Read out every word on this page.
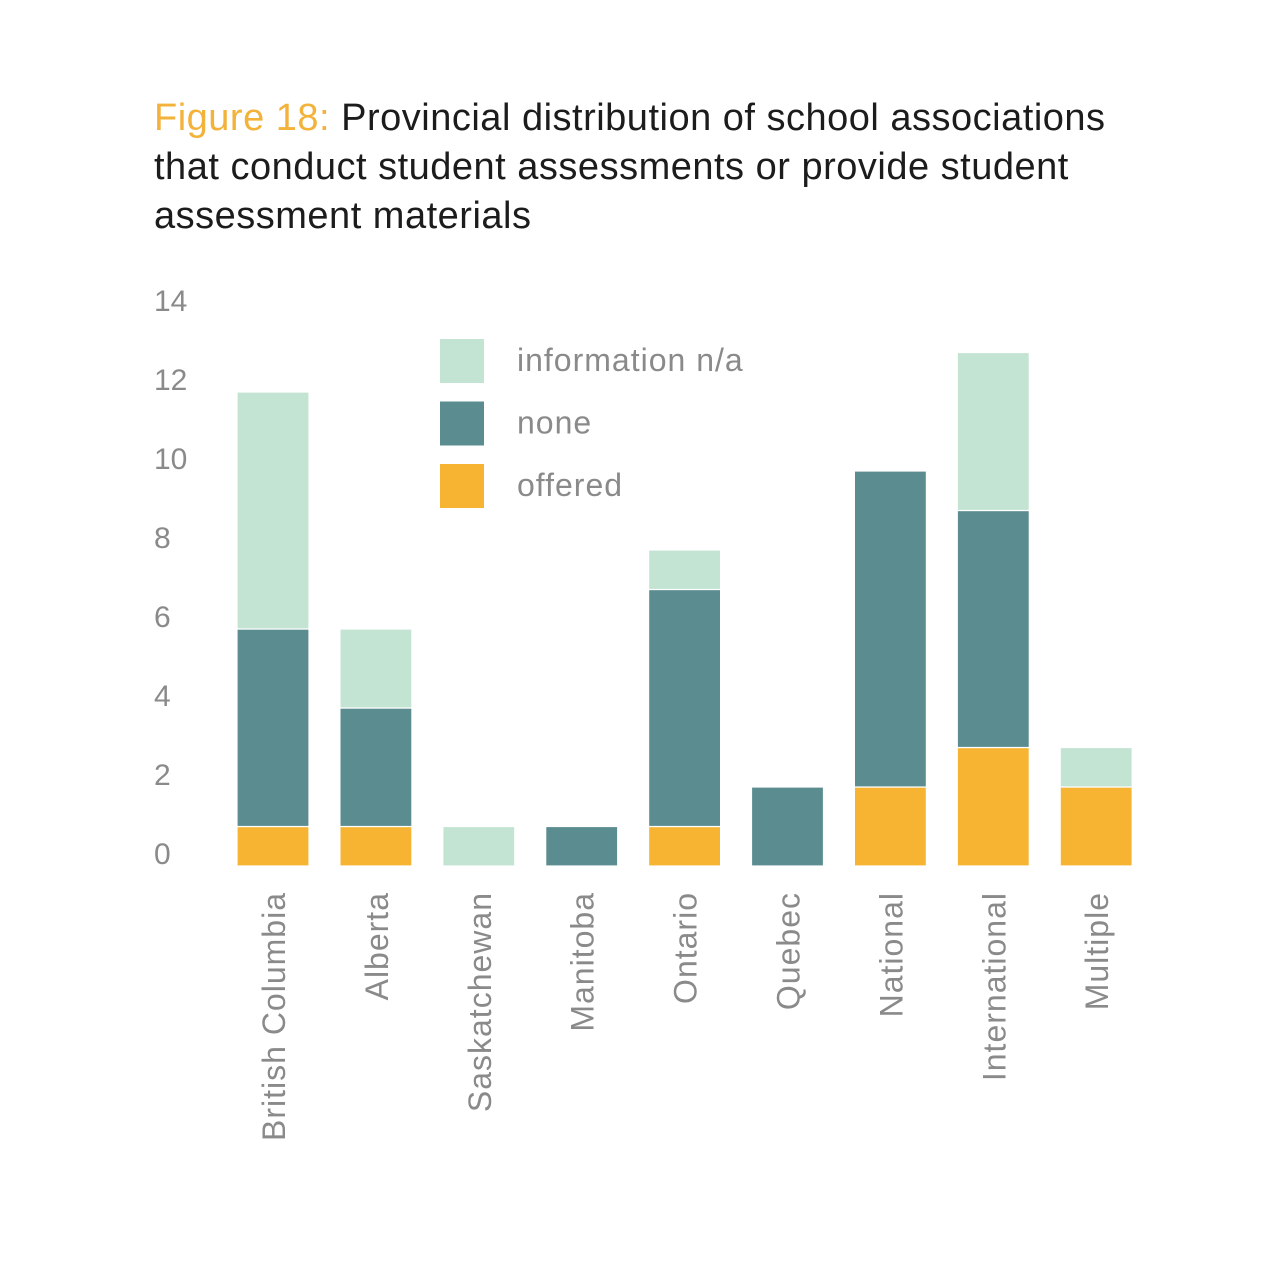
Figure 18: Provincial distribution of school associations that conduct student assessments or provide student assessment materials
0
2
4
6
8
10
12
14
British Columbia Alberta Saskatchewan Manitoba Ontario Quebec National International Multiple
information n/a
none
offered
